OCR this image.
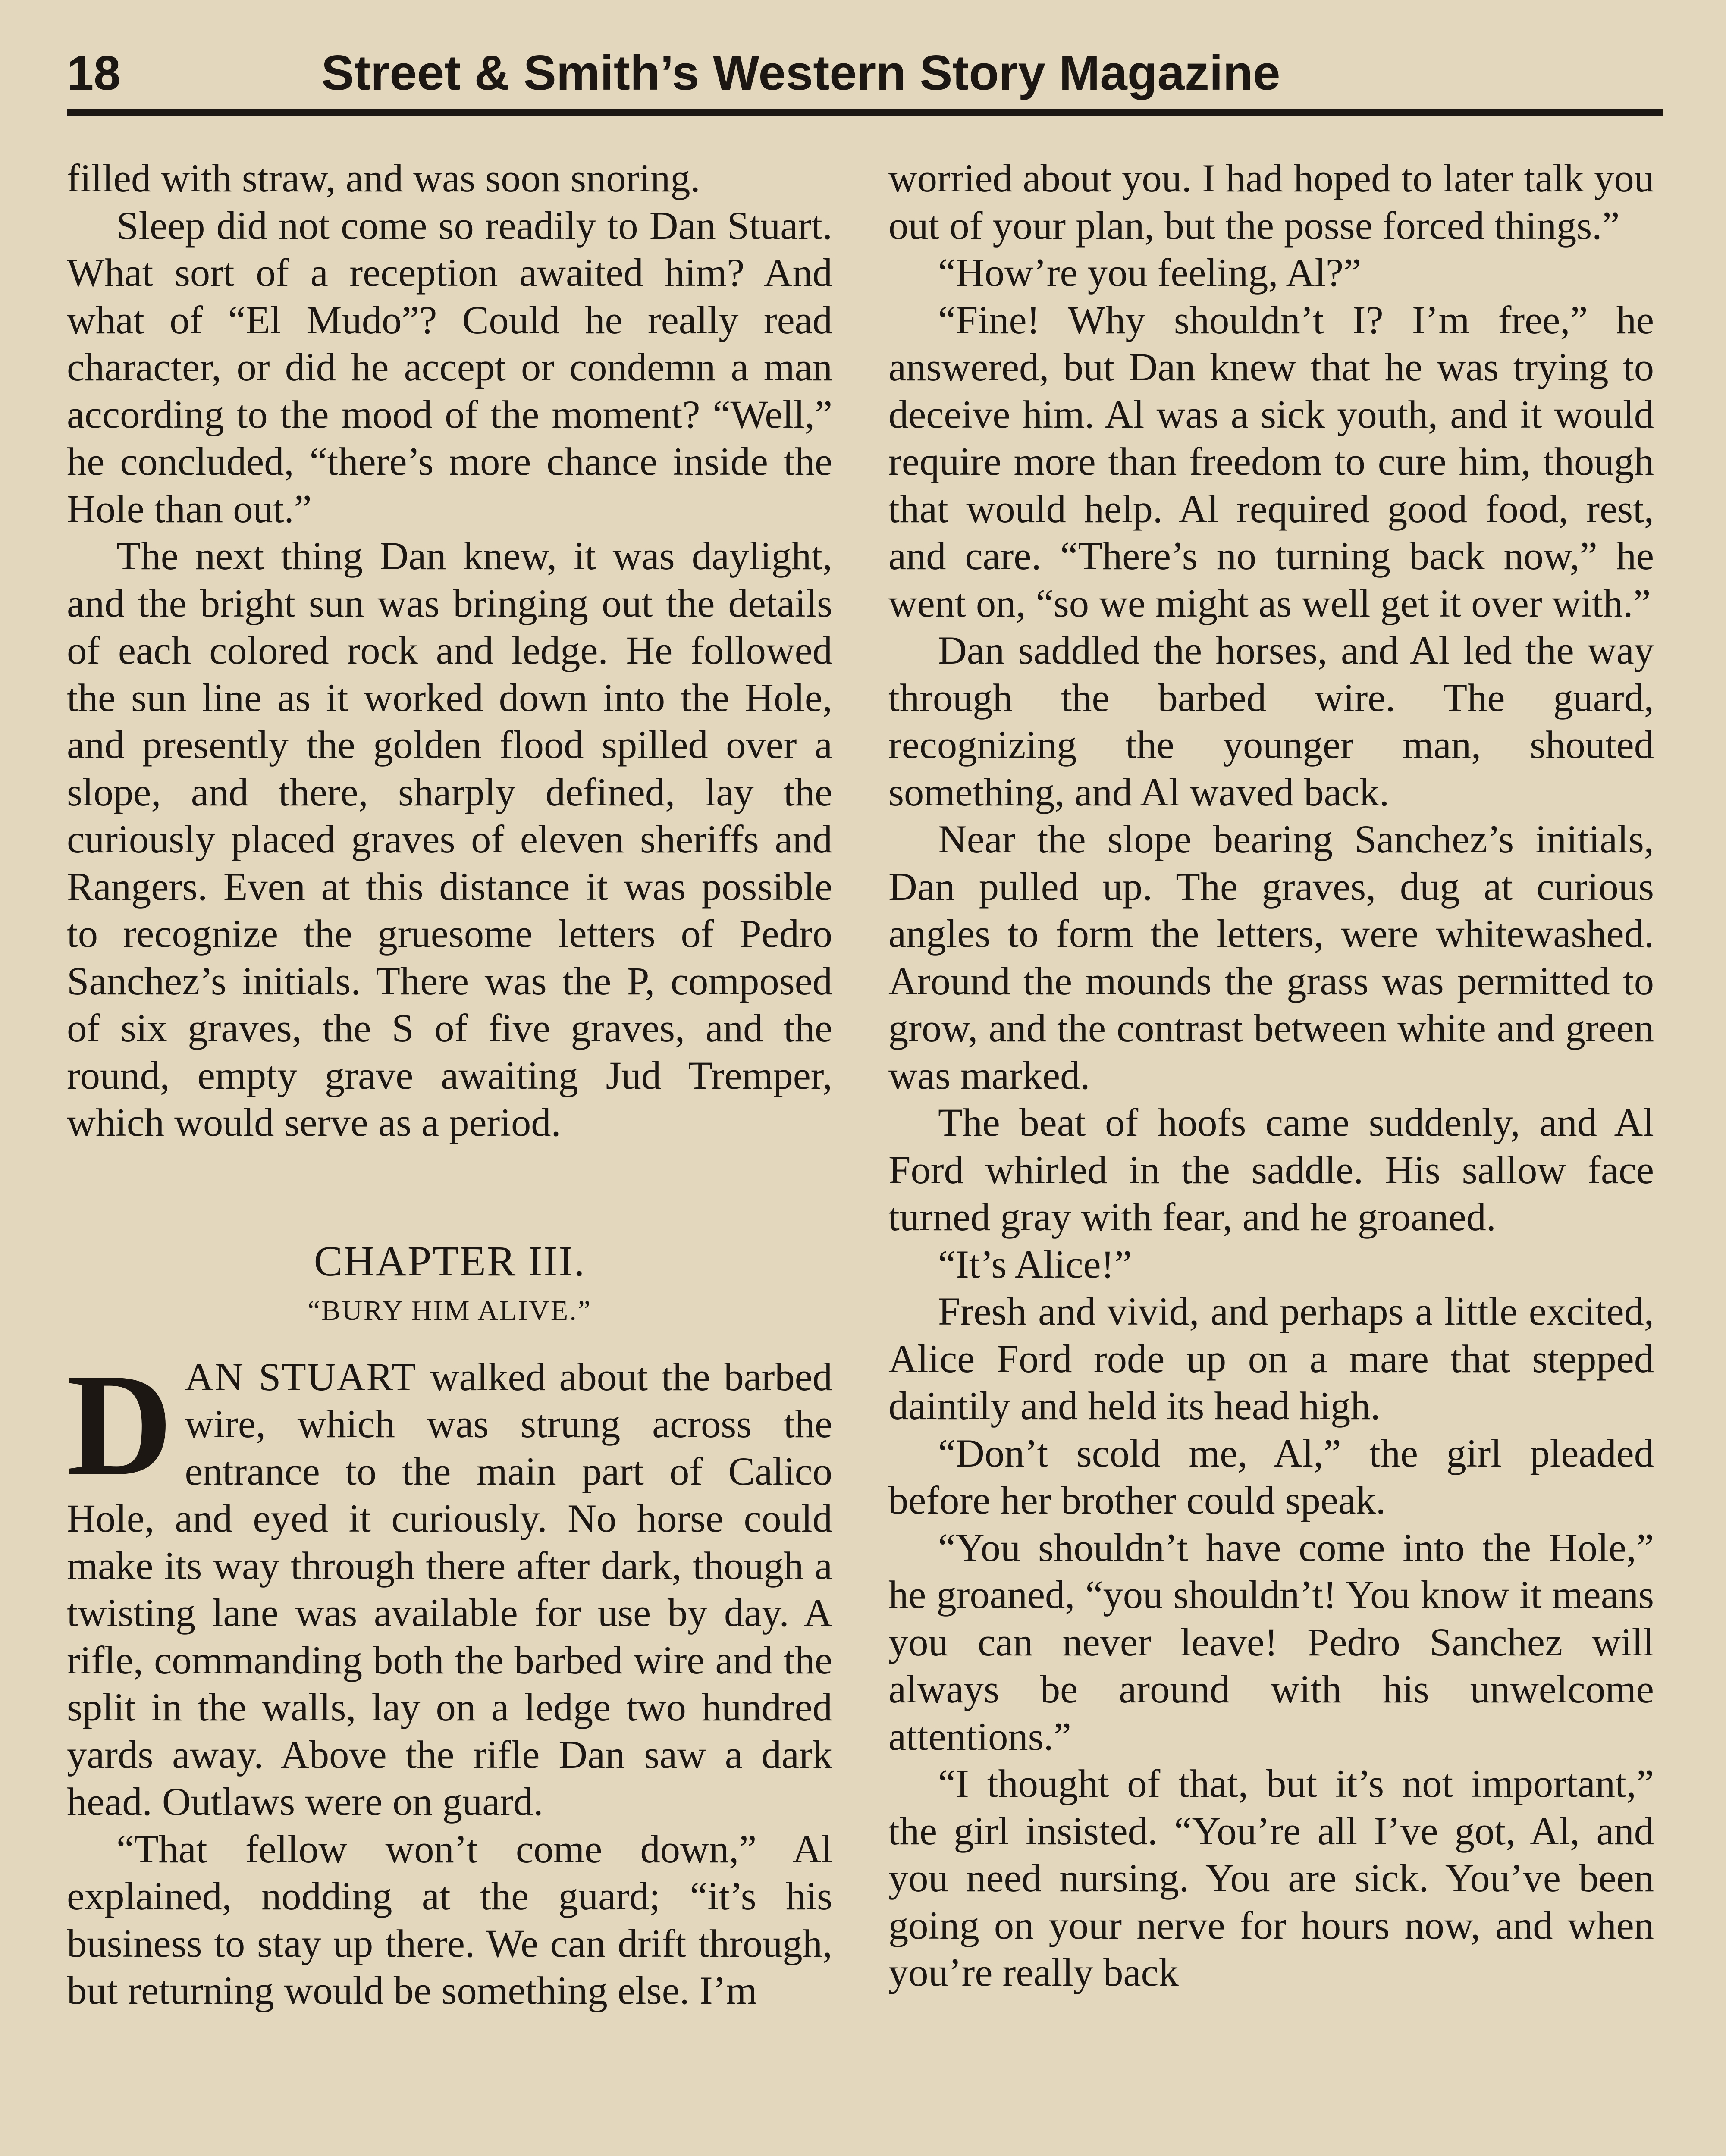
18	Street & Smith’s Western Story Magazine

filled with straw, and was soon snoring.

Sleep did not come so readily to Dan Stuart. What sort of a reception awaited him? And what of “El Mudo”? Could he really read character, or did he accept or condemn a man according to the mood of the moment? “Well,” he concluded, “there’s more chance inside the Hole than out.”

The next thing Dan knew, it was daylight, and the bright sun was bringing out the details of each colored rock and ledge. He followed the sun line as it worked down into the Hole, and presently the golden flood spilled over a slope, and there, sharply defined, lay the curiously placed graves of eleven sheriffs and Rangers. Even at this distance it was possible to recognize the gruesome letters of Pedro Sanchez’s initials. There was the P, composed of six graves, the S of five graves, and the round, empty grave awaiting Jud Tremper, which would serve as a period.

CHAPTER III.
“BURY HIM ALIVE.”

DAN STUART walked about the barbed wire, which was strung across the entrance to the main part of Calico Hole, and eyed it curiously. No horse could make its way through there after dark, though a twisting lane was available for use by day. A rifle, commanding both the barbed wire and the split in the walls, lay on a ledge two hundred yards away. Above the rifle Dan saw a dark head. Outlaws were on guard.

“That fellow won’t come down,” Al explained, nodding at the guard; “it’s his business to stay up there. We can drift through, but returning would be something else. I’m

worried about you. I had hoped to later talk you out of your plan, but the posse forced things.”

“How’re you feeling, Al?”

“Fine! Why shouldn’t I? I’m free,” he answered, but Dan knew that he was trying to deceive him. Al was a sick youth, and it would require more than freedom to cure him, though that would help. Al required good food, rest, and care. “There’s no turning back now,” he went on, “so we might as well get it over with.”

Dan saddled the horses, and Al led the way through the barbed wire. The guard, recognizing the younger man, shouted something, and Al waved back.

Near the slope bearing Sanchez’s initials, Dan pulled up. The graves, dug at curious angles to form the letters, were whitewashed. Around the mounds the grass was permitted to grow, and the contrast between white and green was marked.

The beat of hoofs came suddenly, and Al Ford whirled in the saddle. His sallow face turned gray with fear, and he groaned.

“It’s Alice!”

Fresh and vivid, and perhaps a little excited, Alice Ford rode up on a mare that stepped daintily and held its head high.

“Don’t scold me, Al,” the girl pleaded before her brother could speak.

“You shouldn’t have come into the Hole,” he groaned, “you shouldn’t! You know it means you can never leave! Pedro Sanchez will always be around with his unwelcome attentions.”

“I thought of that, but it’s not important,” the girl insisted. “You’re all I’ve got, Al, and you need nursing. You are sick. You’ve been going on your nerve for hours now, and when you’re really back
